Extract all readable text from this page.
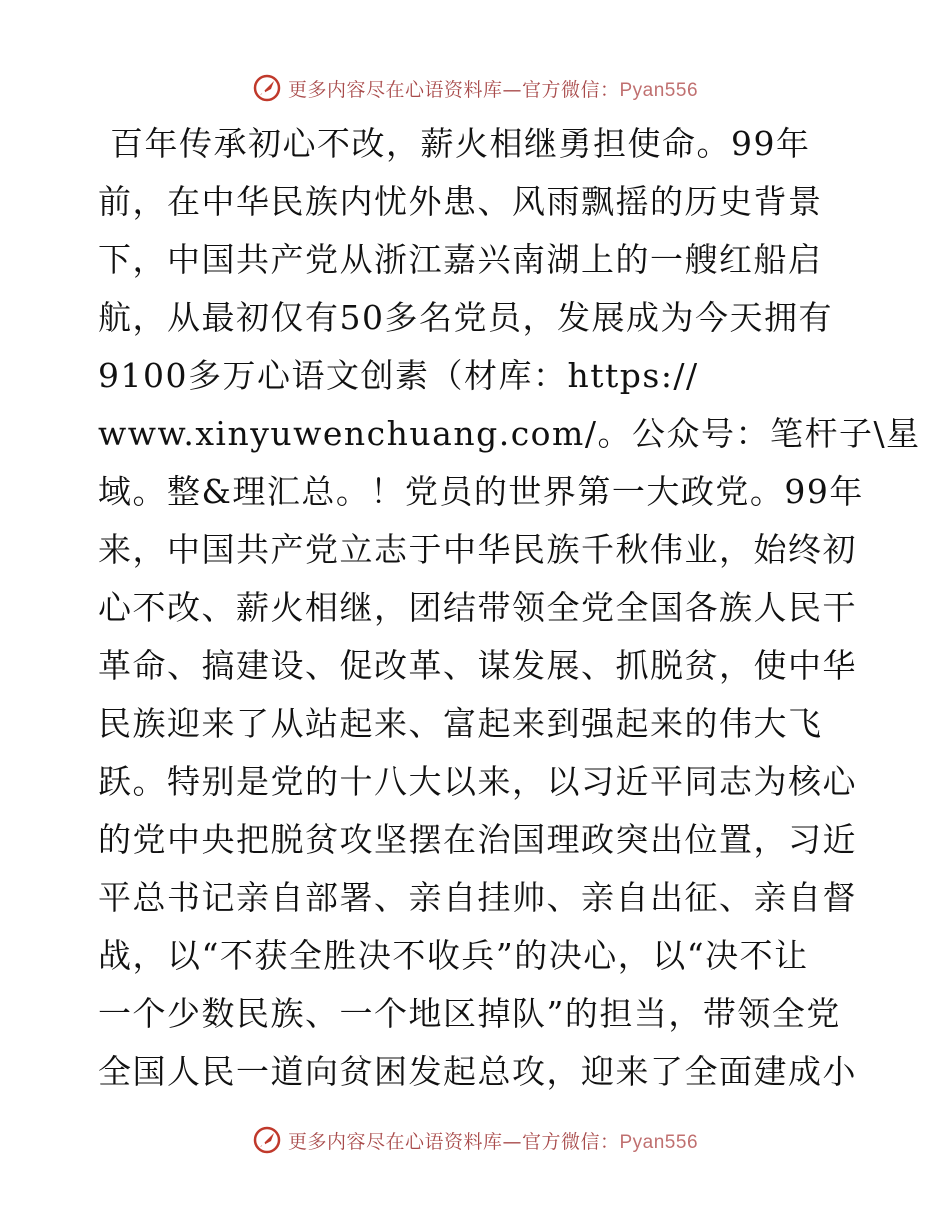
更多内容尽在心语资料库—官方微信：Pyan556
百年传承初心不改，薪火相继勇担使命。99年
前，在中华民族内忧外患、风雨飘摇的历史背景
下，中国共产党从浙江嘉兴南湖上的一艘红船启
航，从最初仅有50多名党员，发展成为今天拥有
9100多万心语文创素（材库：https://
www.xinyuwenchuang.com/。公众号：笔杆子\星
域。整&理汇总。！党员的世界第一大政党。99年
来，中国共产党立志于中华民族千秋伟业，始终初
心不改、薪火相继，团结带领全党全国各族人民干
革命、搞建设、促改革、谋发展、抓脱贫，使中华
民族迎来了从站起来、富起来到强起来的伟大飞
跃。特别是党的十八大以来，以习近平同志为核心
的党中央把脱贫攻坚摆在治国理政突出位置，习近
平总书记亲自部署、亲自挂帅、亲自出征、亲自督
战，以“不获全胜决不收兵”的决心，以“决不让
一个少数民族、一个地区掉队”的担当，带领全党
全国人民一道向贫困发起总攻，迎来了全面建成小
更多内容尽在心语资料库—官方微信：Pyan556
